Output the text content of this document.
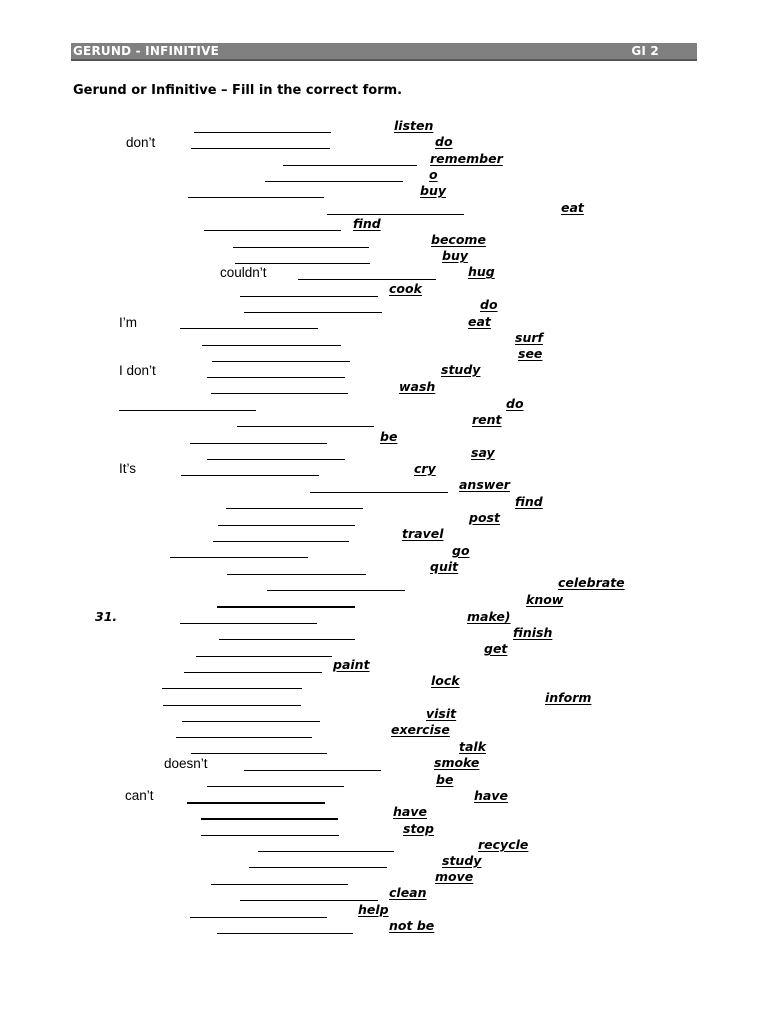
GERUND - INFINITIVE	GI 2
Gerund or Infinitive – Fill in the correct form.
listen
don’t	do
remember
o
buy
eat
find
become
buy
couldn’t	hug
cook
do
I’m	eat
surf
see
I don’t	study
wash
do
rent
be
say
It’s	cry
answer
find
post
travel
go
quit
celebrate
know
31.	make)
finish
get
paint
lock
inform
visit
exercise
talk
doesn’t	smoke
be
can’t	have
have
stop
recycle
study
move
clean
help
not be
